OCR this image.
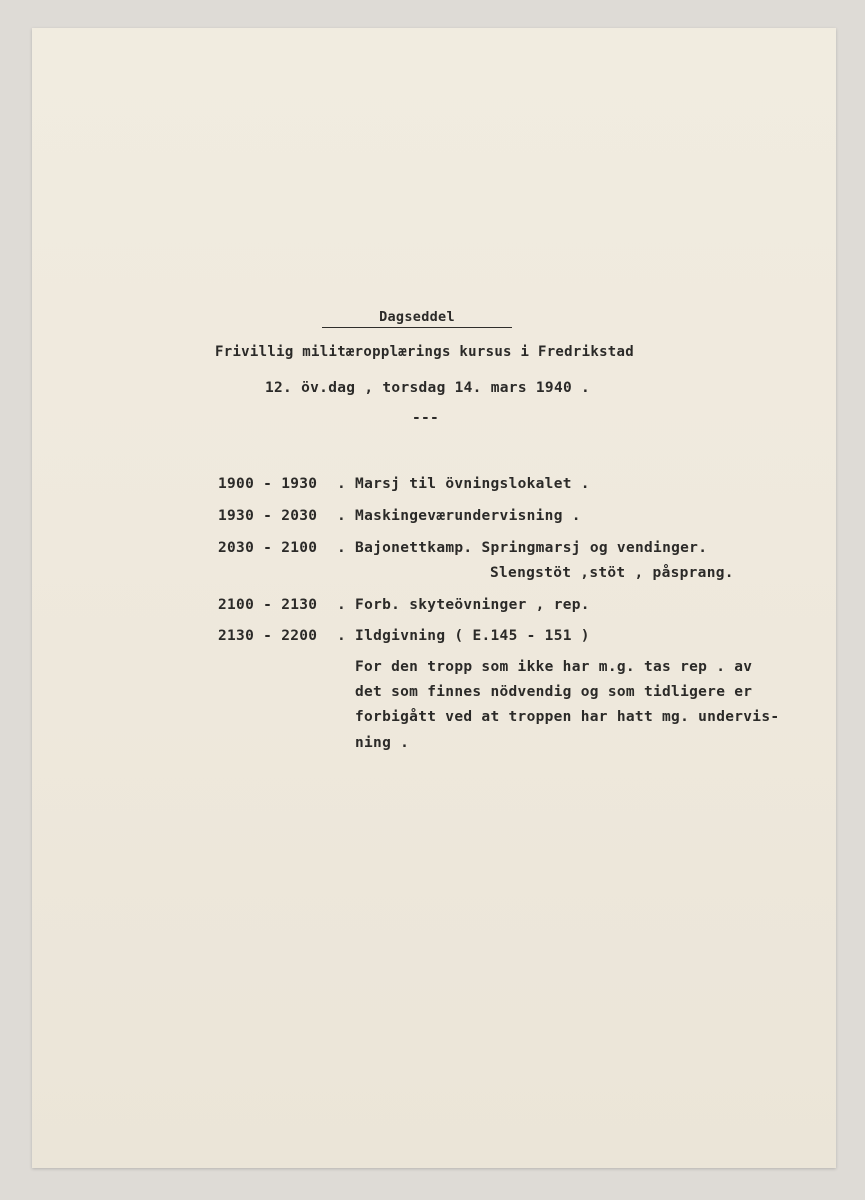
Dagseddel
Frivillig militæropplærings kursus i Fredrikstad
12. öv.dag , torsdag 14. mars 1940 .
---
1900 - 1930	. Marsj til övningslokalet .
1930 - 2030	. Maskingeværundervisning .
2030 - 2100	. Bajonettkamp. Springmarsj og vendinger.
Slengstöt ,stöt , påsprang.
2100 - 2130	. Forb. skyteövninger , rep.
2130 - 2200	. Ildgivning ( E.145 - 151 )
For den tropp som ikke har m.g. tas rep . av
det som finnes nödvendig og som tidligere er
forbigått ved at troppen har hatt mg. undervis-
ning .
